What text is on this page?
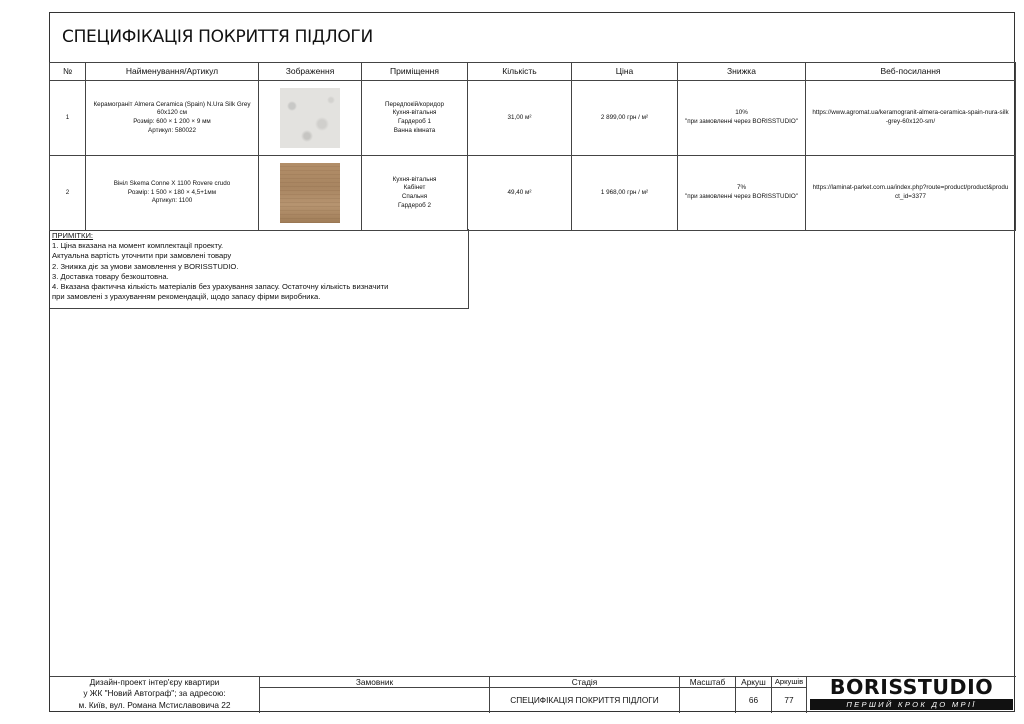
СПЕЦИФІКАЦІЯ ПОКРИТТЯ ПІДЛОГИ
№	Найменування/Артикул	Зображення	Приміщення	Кількість	Ціна	Знижка	Веб-посилання
1	Керамограніт Almera Ceramica (Spain) N.Ura Silk Grey 60х120 см
Розмір: 600 × 1 200 × 9 мм
Артикул: 580022		Передпокій/коридор
Кухня-вітальня
Гардероб 1
Ванна кімната	31,00 м²	2 899,00 грн / м²	10%
"при замовленні через BORISSTUDIO"	https://www.agromat.ua/keramogranit-almera-ceramica-spain-nura-silk-grey-60x120-sm/
2	Вініл Skema Conne X 1100 Rovere crudo
Розмір: 1 500 × 180 × 4,5+1мм
Артикул: 1100		Кухня-вітальня
Кабінет
Спальня
Гардероб 2	49,40 м²	1 968,00 грн / м²	7%
"при замовленні через BORISSTUDIO"	https://laminat-parket.com.ua/index.php?route=product/product&product_id=3377
ПРИМІТКИ:
1. Ціна вказана на момент комплектації проекту.
Актуальна вартість уточнити при замовлені товару
2. Знижка діє за умови замовлення у BORISSTUDIO.
3. Доставка товару безкоштовна.
4. Вказана фактична кількість матеріалів без урахування запасу. Остаточну кількість визначити
при замовлені з урахуванням рекомендацій, щодо запасу фірми виробника.
Дизайн-проект інтер'єру квартири
у ЖК "Новий Автограф"; за адресою:
м. Київ, вул. Романа Мстиславовича 22
Замовник	Стадія
СПЕЦИФІКАЦІЯ ПОКРИТТЯ ПІДЛОГИ
Масштаб	Аркуш
66
Аркушів
77
BORISSTUDIO
ПЕРШИЙ КРОК ДО МРІЇ
